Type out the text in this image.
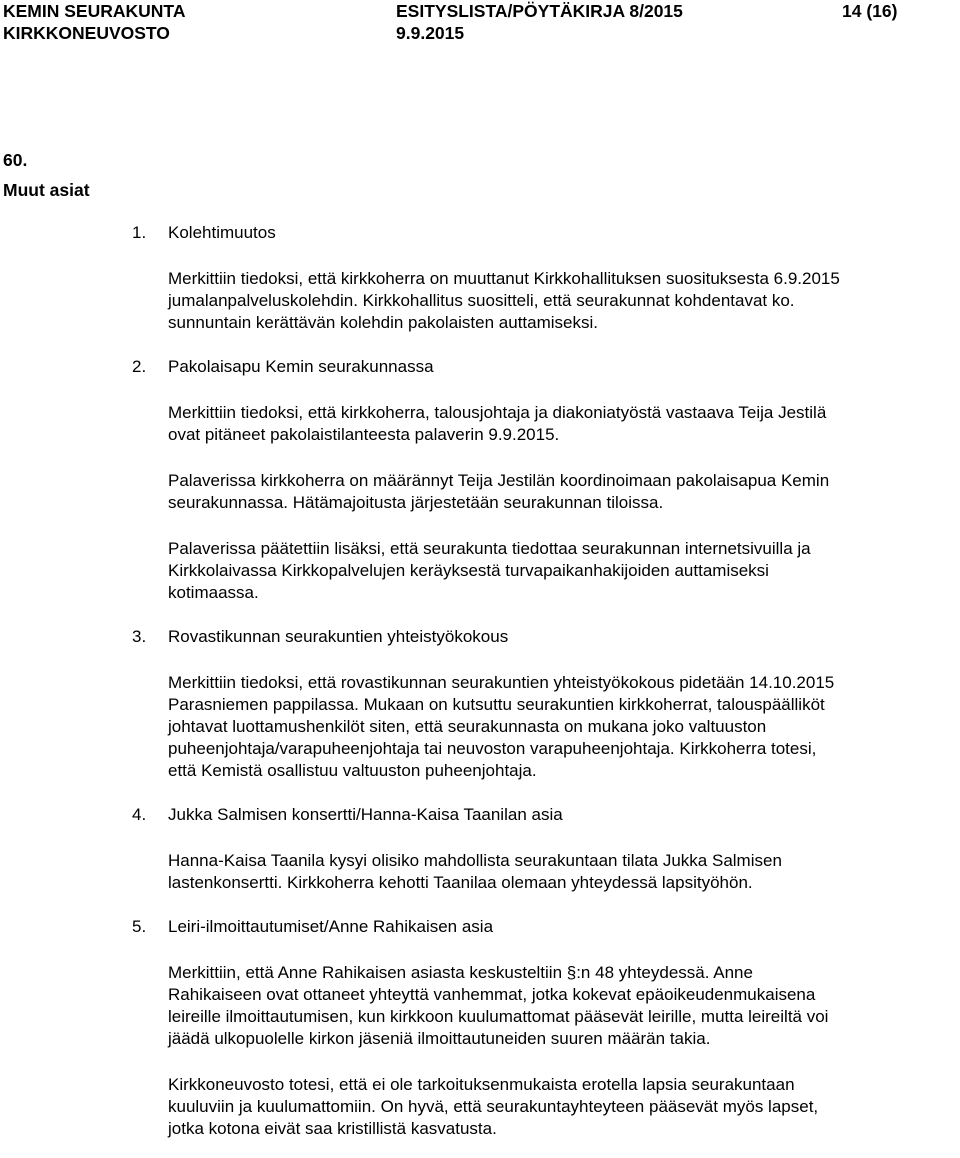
KEMIN SEURAKUNTA
KIRKKONEUVOSTO
ESITYSLISTA/PÖYTÄKIRJA 8/2015
9.9.2015
14 (16)
60.
Muut asiat
1.	Kolehtimuutos
Merkittiin tiedoksi, että kirkkoherra on muuttanut Kirkkohallituksen suosituksesta 6.9.2015
jumalanpalveluskolehdin. Kirkkohallitus suositteli, että seurakunnat kohdentavat ko.
sunnuntain kerättävän kolehdin pakolaisten auttamiseksi.
2.	Pakolaisapu Kemin seurakunnassa
Merkittiin tiedoksi, että kirkkoherra, talousjohtaja ja diakoniatyöstä vastaava Teija Jestilä
ovat pitäneet pakolaistilanteesta palaverin 9.9.2015.
Palaverissa kirkkoherra on määrännyt Teija Jestilän koordinoimaan pakolaisapua Kemin
seurakunnassa. Hätämajoitusta järjestetään seurakunnan tiloissa.
Palaverissa päätettiin lisäksi, että seurakunta tiedottaa seurakunnan internetsivuilla ja
Kirkkolaivassa Kirkkopalvelujen keräyksestä turvapaikanhakijoiden auttamiseksi
kotimaassa.
3.	Rovastikunnan seurakuntien yhteistyökokous
Merkittiin tiedoksi, että rovastikunnan seurakuntien yhteistyökokous pidetään 14.10.2015
Parasniemen pappilassa. Mukaan on kutsuttu seurakuntien kirkkoherrat, talouspäälliköt
johtavat luottamushenkilöt siten, että seurakunnasta on mukana joko valtuuston
puheenjohtaja/varapuheenjohtaja tai neuvoston varapuheenjohtaja. Kirkkoherra totesi,
että Kemistä osallistuu valtuuston puheenjohtaja.
4.	Jukka Salmisen konsertti/Hanna-Kaisa Taanilan asia
Hanna-Kaisa Taanila kysyi olisiko mahdollista seurakuntaan tilata Jukka Salmisen
lastenkonsertti. Kirkkoherra kehotti Taanilaa olemaan yhteydessä lapsityöhön.
5.	Leiri-ilmoittautumiset/Anne Rahikaisen asia
Merkittiin, että Anne Rahikaisen asiasta keskusteltiin §:n 48 yhteydessä. Anne
Rahikaiseen ovat ottaneet yhteyttä vanhemmat, jotka kokevat epäoikeudenmukaisena
leireille ilmoittautumisen, kun kirkkoon kuulumattomat pääsevät leirille, mutta leireiltä voi
jäädä ulkopuolelle kirkon jäseniä ilmoittautuneiden suuren määrän takia.
Kirkkoneuvosto totesi, että ei ole tarkoituksenmukaista erotella lapsia seurakuntaan
kuuluviin ja kuulumattomiin. On hyvä, että seurakuntayhteyteen pääsevät myös lapset,
jotka kotona eivät saa kristillistä kasvatusta.
